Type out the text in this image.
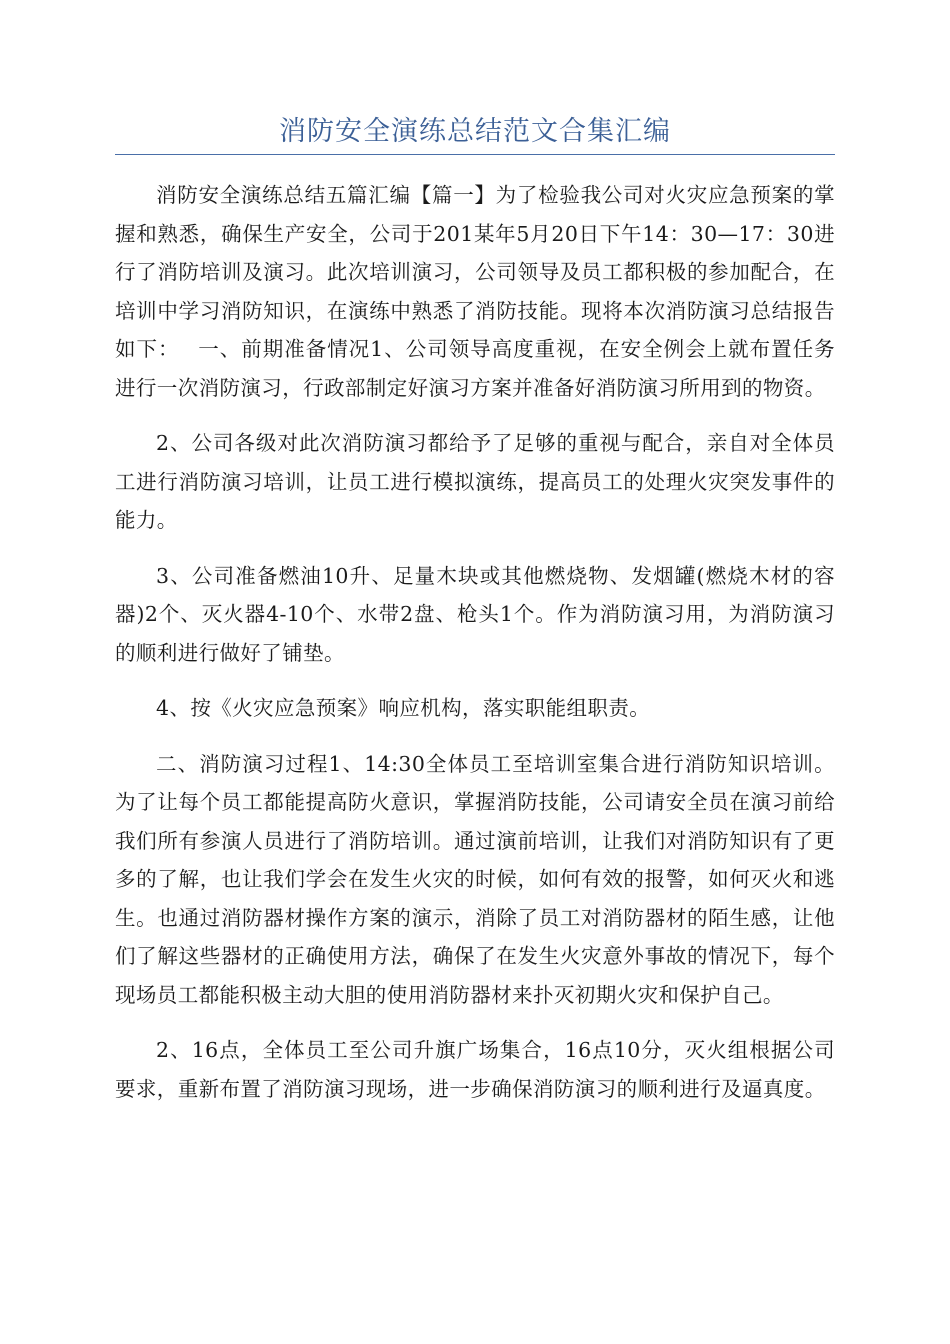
消防安全演练总结范文合集汇编

消防安全演练总结五篇汇编【篇一】为了检验我公司对火灾应急预案的掌握和熟悉，确保生产安全，公司于201某年5月20日下午14：30—17：30进行了消防培训及演习。此次培训演习，公司领导及员工都积极的参加配合，在培训中学习消防知识，在演练中熟悉了消防技能。现将本次消防演习总结报告如下：　 一、前期准备情况1、公司领导高度重视，在安全例会上就布置任务进行一次消防演习，行政部制定好演习方案并准备好消防演习所用到的物资。

2、公司各级对此次消防演习都给予了足够的重视与配合，亲自对全体员工进行消防演习培训，让员工进行模拟演练，提高员工的处理火灾突发事件的能力。

3、公司准备燃油10升、足量木块或其他燃烧物、发烟罐(燃烧木材的容器)2个、灭火器4-10个、水带2盘、枪头1个。作为消防演习用，为消防演习的顺利进行做好了铺垫。

4、按《火灾应急预案》响应机构，落实职能组职责。

二、消防演习过程1、14:30全体员工至培训室集合进行消防知识培训。为了让每个员工都能提高防火意识，掌握消防技能，公司请安全员在演习前给我们所有参演人员进行了消防培训。通过演前培训，让我们对消防知识有了更多的了解，也让我们学会在发生火灾的时候，如何有效的报警，如何灭火和逃生。也通过消防器材操作方案的演示，消除了员工对消防器材的陌生感，让他们了解这些器材的正确使用方法，确保了在发生火灾意外事故的情况下，每个现场员工都能积极主动大胆的使用消防器材来扑灭初期火灾和保护自己。

2、16点，全体员工至公司升旗广场集合，16点10分，灭火组根据公司要求，重新布置了消防演习现场，进一步确保消防演习的顺利进行及逼真度。
